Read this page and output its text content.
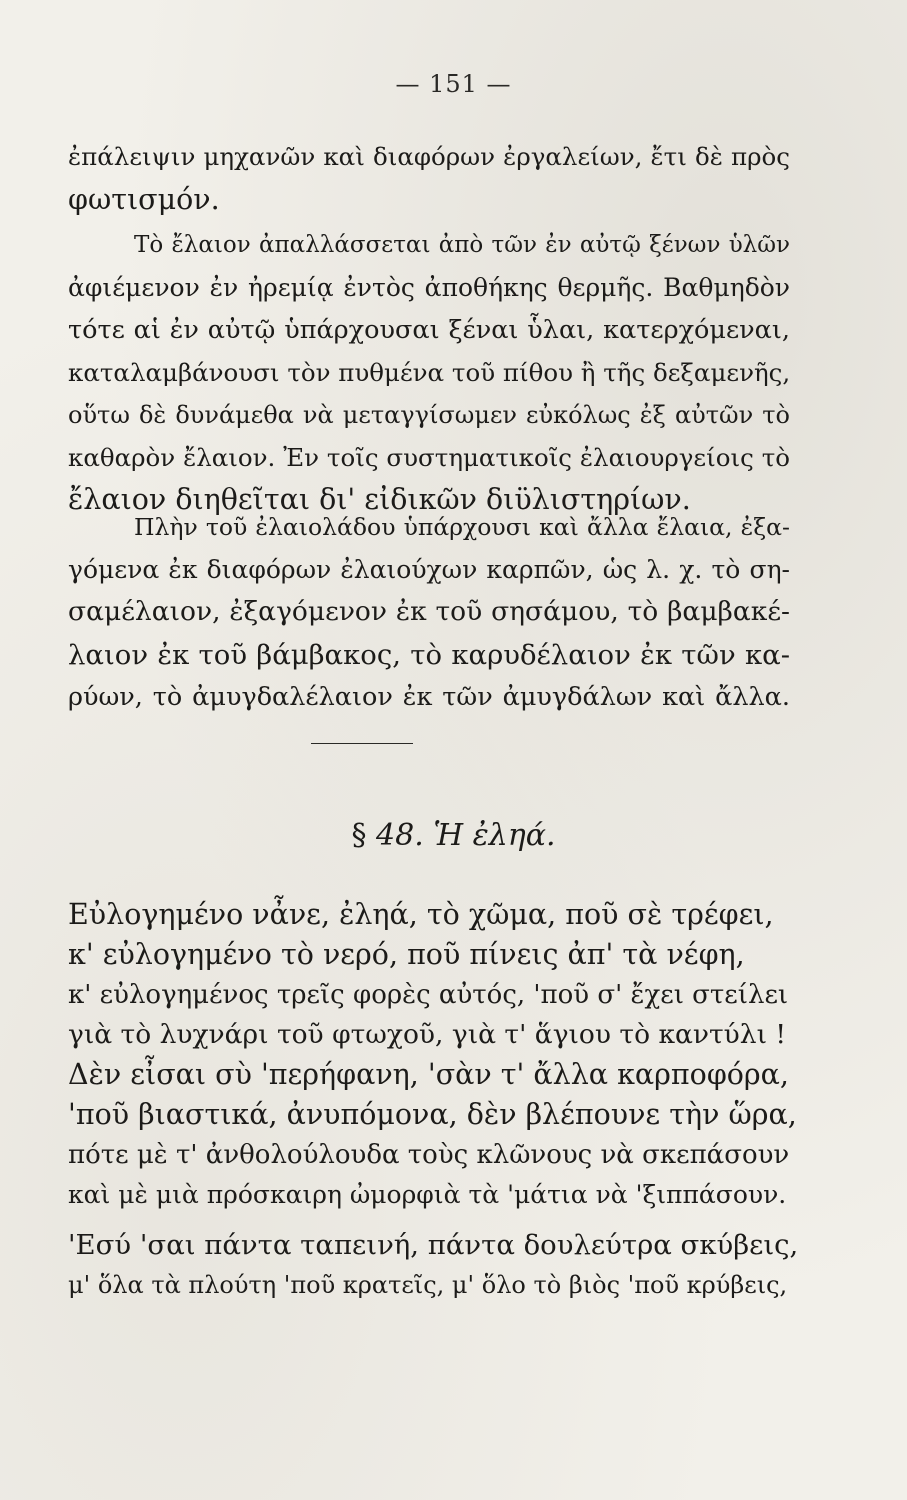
— 151 —
ἐπάλειψιν μηχανῶν καὶ διαφόρων ἐργαλείων, ἔτι δὲ πρὸς
φωτισμόν.
Τὸ ἔλαιον ἀπαλλάσσεται ἀπὸ τῶν ἐν αὐτῷ ξένων ὑλῶν
ἀφιέμενον ἐν ἠρεμίᾳ ἐντὸς ἀποθήκης θερμῆς. Βαθμηδὸν
τότε αἱ ἐν αὐτῷ ὑπάρχουσαι ξέναι ὗλαι, κατερχόμεναι,
καταλαμβάνουσι τὸν πυθμένα τοῦ πίθου ἢ τῆς δεξαμενῆς,
οὕτω δὲ δυνάμεθα νὰ μεταγγίσωμεν εὐκόλως ἐξ αὐτῶν τὸ
καθαρὸν ἔλαιον. Ἐν τοῖς συστηματικοῖς ἐλαιουργείοις τὸ
ἔλαιον διηθεῖται δι' εἰδικῶν διϋλιστηρίων.
Πλὴν τοῦ ἐλαιολάδου ὑπάρχουσι καὶ ἄλλα ἔλαια, ἐξα-
γόμενα ἐκ διαφόρων ἐλαιούχων καρπῶν, ὡς λ. χ. τὸ ση-
σαμέλαιον, ἐξαγόμενον ἐκ τοῦ σησάμου, τὸ βαμβακέ-
λαιον ἐκ τοῦ βάμβακος, τὸ καρυδέλαιον ἐκ τῶν κα-
ρύων, τὸ ἀμυγδαλέλαιον ἐκ τῶν ἀμυγδάλων καὶ ἄλλα.
§ 48. Ἡ ἐληά.
Εὐλογημένο νἆνε, ἐληά, τὸ χῶμα, ποῦ σὲ τρέφει,
κ' εὐλογημένο τὸ νερό, ποῦ πίνεις ἀπ' τὰ νέφη,
κ' εὐλογημένος τρεῖς φορὲς αὐτός, 'ποῦ σ' ἔχει στείλει
γιὰ τὸ λυχνάρι τοῦ φτωχοῦ, γιὰ τ' ἅγιου τὸ καντύλι !
Δὲν εἶσαι σὺ 'περήφανη, 'σὰν τ' ἄλλα καρποφόρα,
'ποῦ βιαστικά, ἀνυπόμονα, δὲν βλέπουνε τὴν ὥρα,
πότε μὲ τ' ἀνθολούλουδα τοὺς κλῶνους νὰ σκεπάσουν
καὶ μὲ μιὰ πρόσκαιρη ὠμορφιὰ τὰ 'μάτια νὰ 'ξιππάσουν.
'Εσύ 'σαι πάντα ταπεινή, πάντα δουλεύτρα σκύβεις,
μ' ὅλα τὰ πλούτη 'ποῦ κρατεῖς, μ' ὅλο τὸ βιὸς 'ποῦ κρύβεις,
